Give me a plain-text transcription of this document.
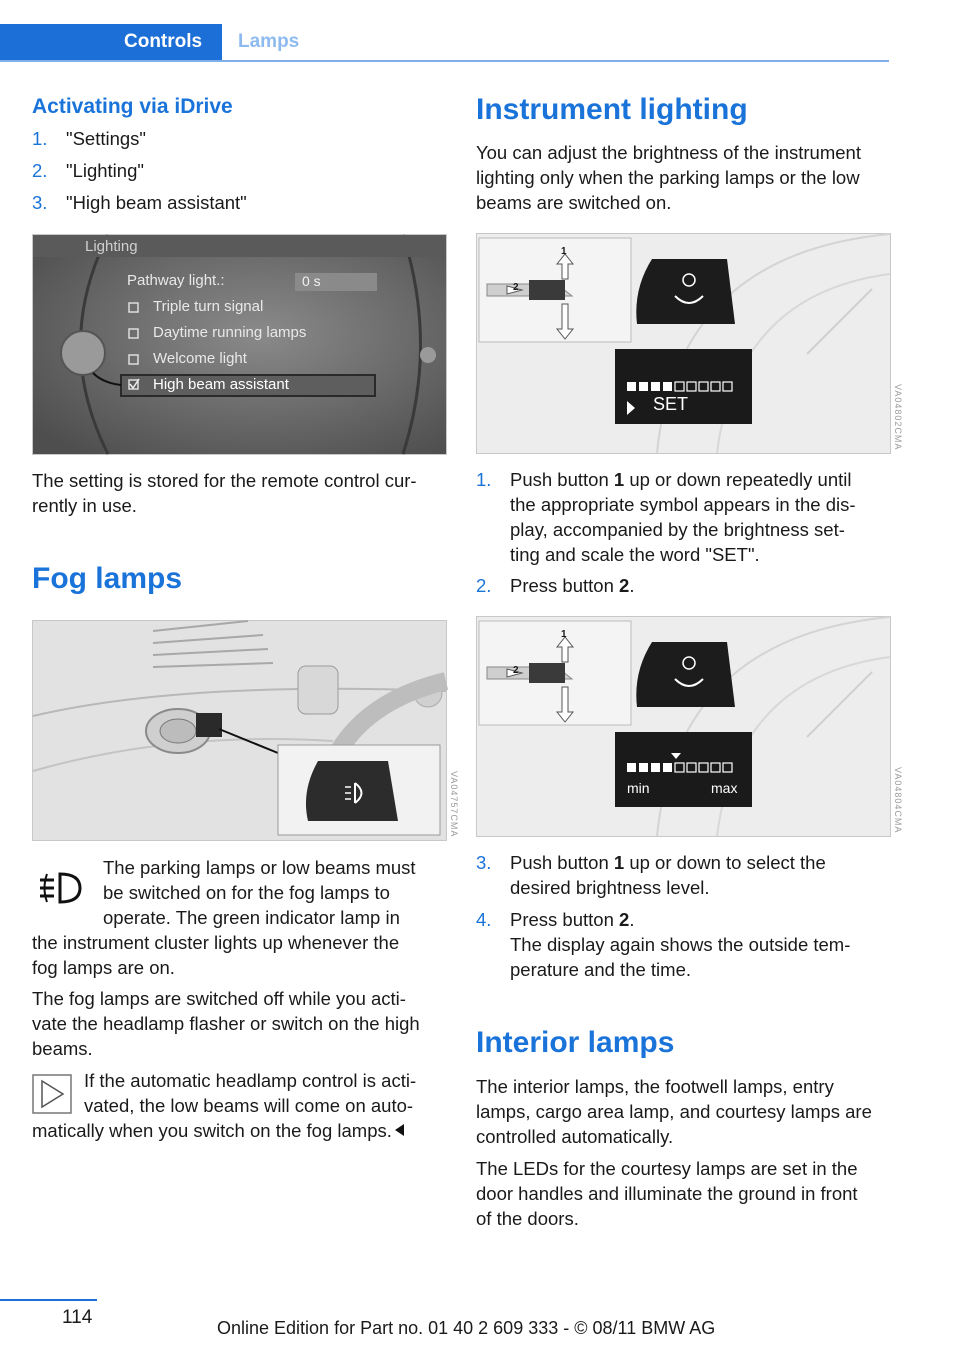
Controls Lamps
Activating via iDrive
1. "Settings"
2. "Lighting"
3. "High beam assistant"
Lighting
Pathway light.:	0 s
Triple turn signal
Daytime running lamps
Welcome light
High beam assistant
The setting is stored for the remote control cur-
rently in use.
Fog lamps
VA04757CMA
The parking lamps or low beams must
be switched on for the fog lamps to
operate. The green indicator lamp in
the instrument cluster lights up whenever the
fog lamps are on.
The fog lamps are switched off while you acti-
vate the headlamp flasher or switch on the high
beams.
If the automatic headlamp control is acti-
vated, the low beams will come on auto-
matically when you switch on the fog lamps.
Instrument lighting
You can adjust the brightness of the instrument
lighting only when the parking lamps or the low
beams are switched on.
SET
1
2
VA04802CMA
1. Push button 1 up or down repeatedly until
the appropriate symbol appears in the dis-
play, accompanied by the brightness set-
ting and scale the word "SET".
2. Press button 2.
min	max
1
2
VA04804CMA
3. Push button 1 up or down to select the
desired brightness level.
4. Press button 2.
The display again shows the outside tem-
perature and the time.
Interior lamps
The interior lamps, the footwell lamps, entry
lamps, cargo area lamp, and courtesy lamps are
controlled automatically.
The LEDs for the courtesy lamps are set in the
door handles and illuminate the ground in front
of the doors.
114	Online Edition for Part no. 01 40 2 609 333 - © 08/11 BMW AG
